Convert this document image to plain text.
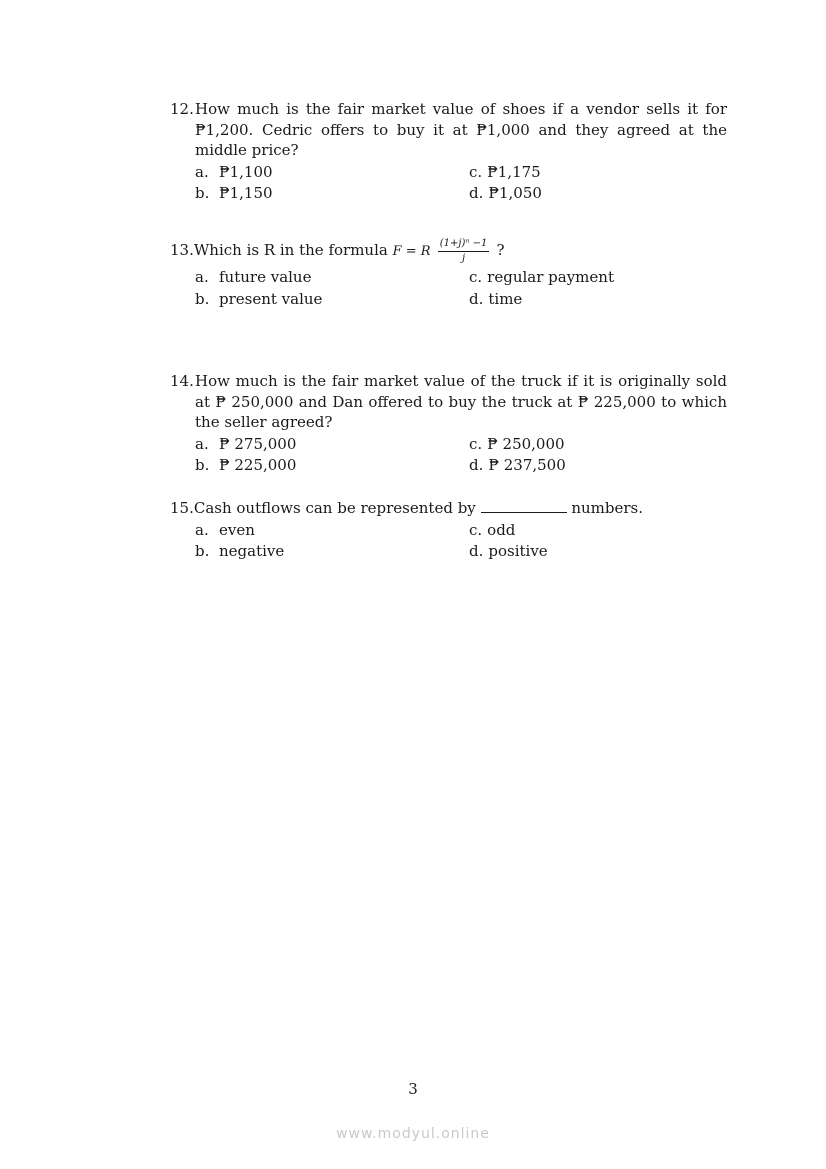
12.How much is the fair market value of shoes if a vendor sells it for ₱1,200. Cedric offers to buy it at ₱1,000 and they agreed at the middle price?
a. ₱1,100	c. ₱1,175
b. ₱1,150	d. ₱1,050
13.Which is R in the formula F = R $\frac{\text{(1+j)ⁿ −1}}{j}$ ?
a. future value	c. regular payment
b. present value	d. time
14.How much is the fair market value of the truck if it is originally sold at ₱ 250,000 and Dan offered to buy the truck at ₱ 225,000 to which the seller agreed?
a. ₱ 275,000	c. ₱ 250,000
b. ₱ 225,000	d. ₱ 237,500
15.Cash outflows can be represented by	numbers.
a. even	c. odd
b. negative	d. positive
3
www.modyul.online
